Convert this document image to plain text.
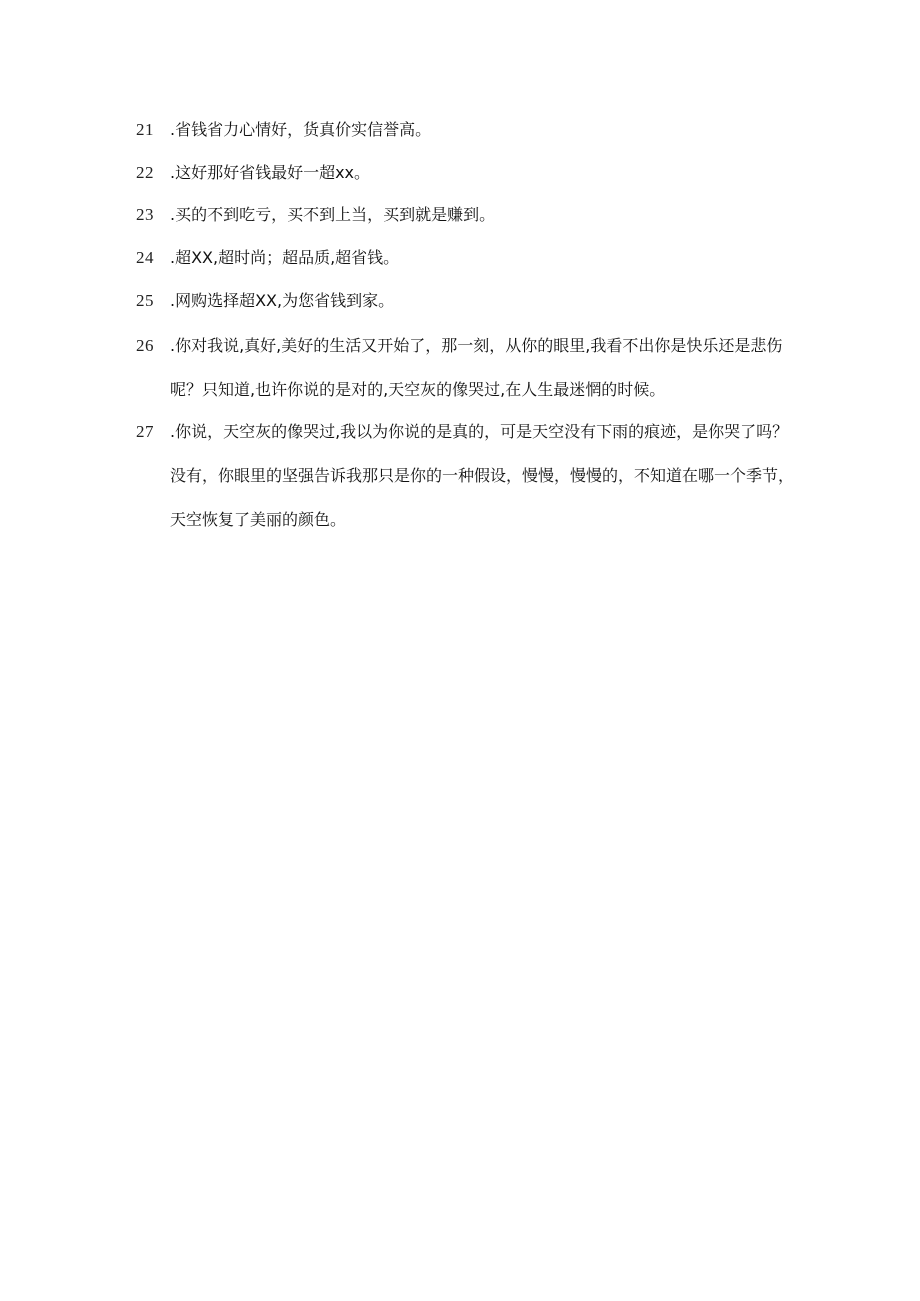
21 .省钱省力心情好，货真价实信誉高。
22 .这好那好省钱最好一超xx。
23 .买的不到吃亏，买不到上当，买到就是赚到。
24 .超XX,超时尚；超品质,超省钱。
25 .网购选择超XX,为您省钱到家。
26 .你对我说,真好,美好的生活又开始了，那一刻，从你的眼里,我看不出你是快乐还是悲伤呢？只知道,也许你说的是对的,天空灰的像哭过,在人生最迷惘的时候。
27 .你说，天空灰的像哭过,我以为你说的是真的，可是天空没有下雨的痕迹，是你哭了吗？没有，你眼里的坚强告诉我那只是你的一种假设，慢慢，慢慢的，不知道在哪一个季节，天空恢复了美丽的颜色。
